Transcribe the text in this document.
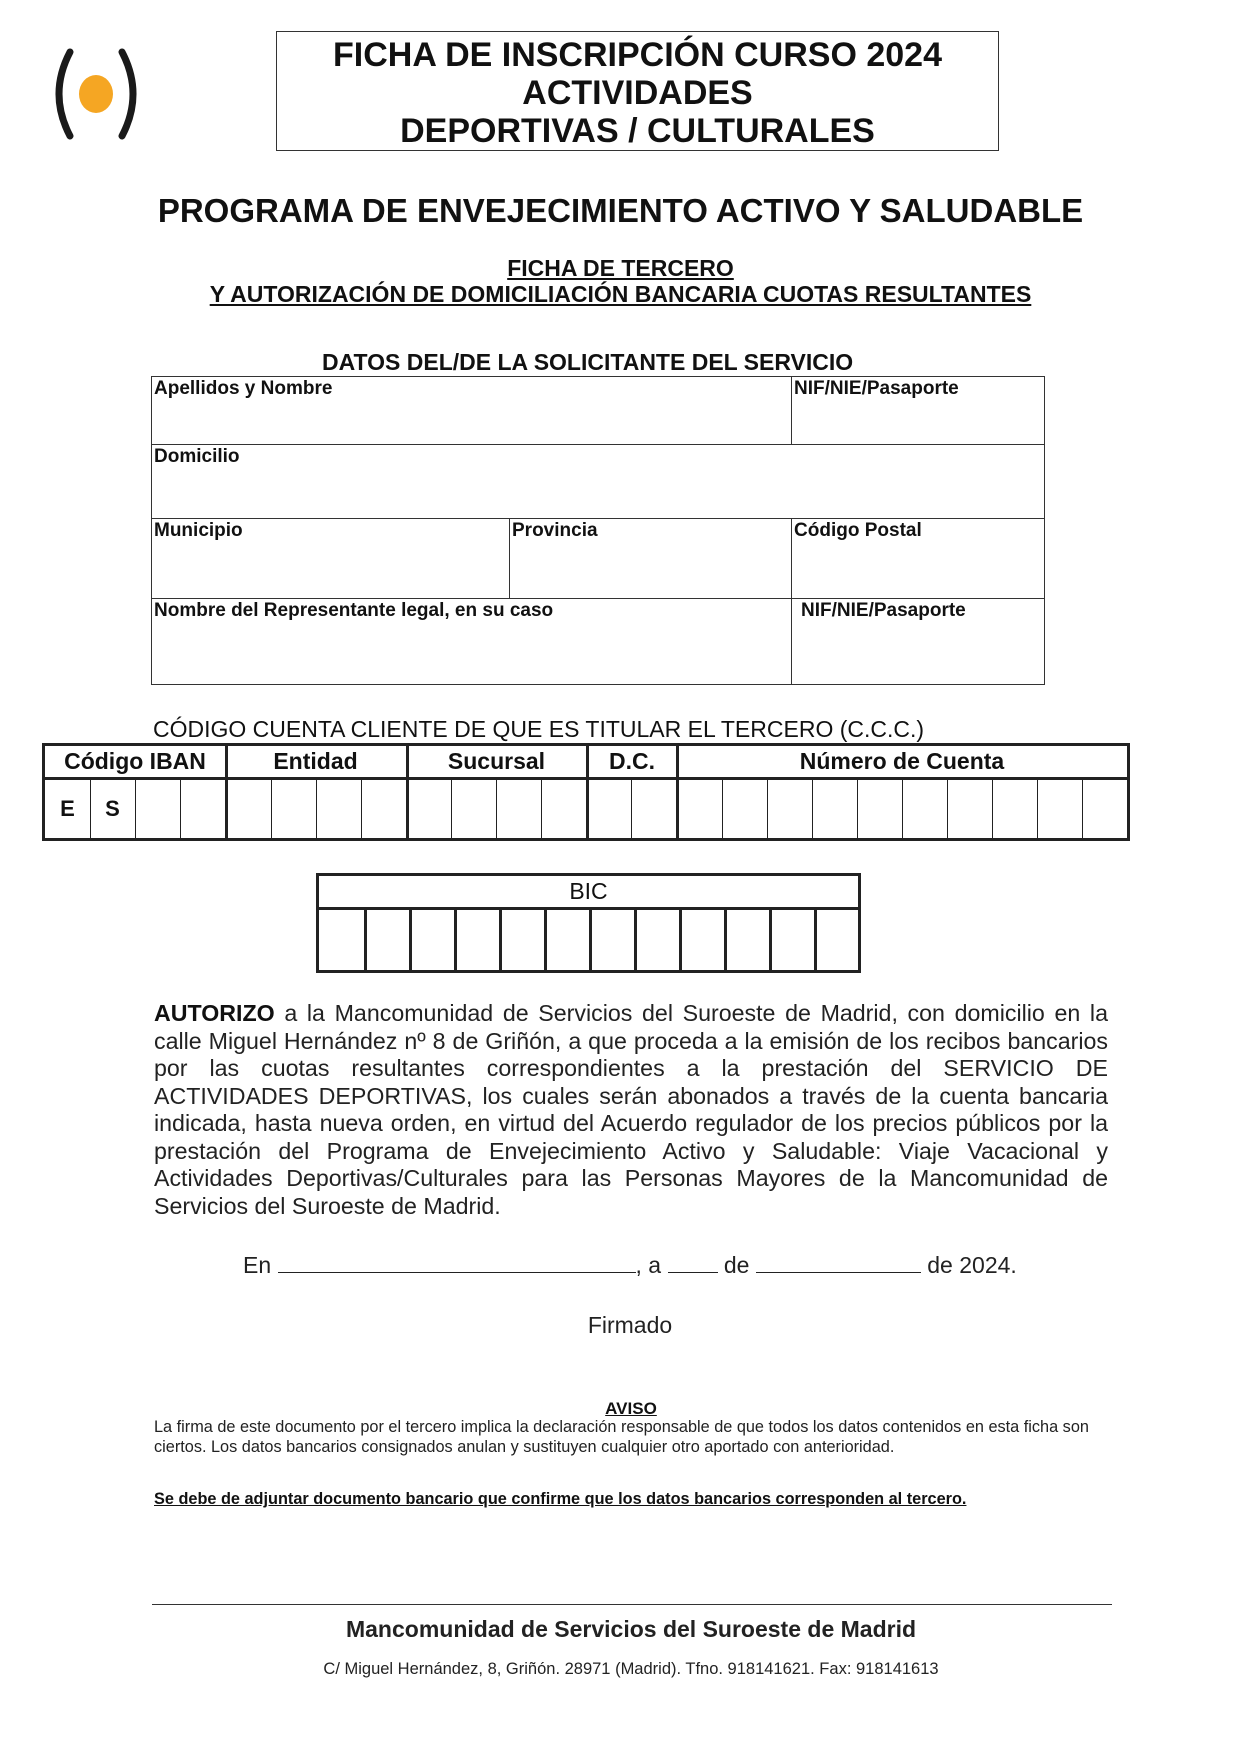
FICHA DE INSCRIPCIÓN CURSO 2024
ACTIVIDADES
DEPORTIVAS / CULTURALES
PROGRAMA DE ENVEJECIMIENTO ACTIVO Y SALUDABLE
FICHA DE TERCERO
Y AUTORIZACIÓN DE DOMICILIACIÓN BANCARIA CUOTAS RESULTANTES
DATOS DEL/DE LA SOLICITANTE DEL SERVICIO
Apellidos y Nombre		NIF/NIE/Pasaporte
Domicilio		
Municipio	Provincia	Código Postal
Nombre del Representante legal, en su caso		NIF/NIE/Pasaporte
CÓDIGO CUENTA CLIENTE DE QUE ES TITULAR EL TERCERO (C.C.C.)
Código IBAN	Entidad	Sucursal	D.C.	Número de Cuenta
E	S
BIC
AUTORIZO a la Mancomunidad de Servicios del Suroeste de Madrid, con domicilio en la calle Miguel Hernández nº 8 de Griñón, a que proceda a la emisión de los recibos bancarios por las cuotas resultantes correspondientes a la prestación del SERVICIO DE ACTIVIDADES DEPORTIVAS, los cuales serán abonados a través de la cuenta bancaria indicada, hasta nueva orden, en virtud del Acuerdo regulador de los precios públicos por la prestación del Programa de Envejecimiento Activo y Saludable: Viaje Vacacional y Actividades Deportivas/Culturales para las Personas Mayores de la Mancomunidad de Servicios del Suroeste de Madrid.
En	, a	de	de 2024.
Firmado
AVISO
La firma de este documento por el tercero implica la declaración responsable de que todos los datos contenidos en esta ficha son ciertos. Los datos bancarios consignados anulan y sustituyen cualquier otro aportado con anterioridad.
Se debe de adjuntar documento bancario que confirme que los datos bancarios corresponden al tercero.
Mancomunidad de Servicios del Suroeste de Madrid
C/ Miguel Hernández, 8, Griñón. 28971 (Madrid). Tfno. 918141621. Fax: 918141613
